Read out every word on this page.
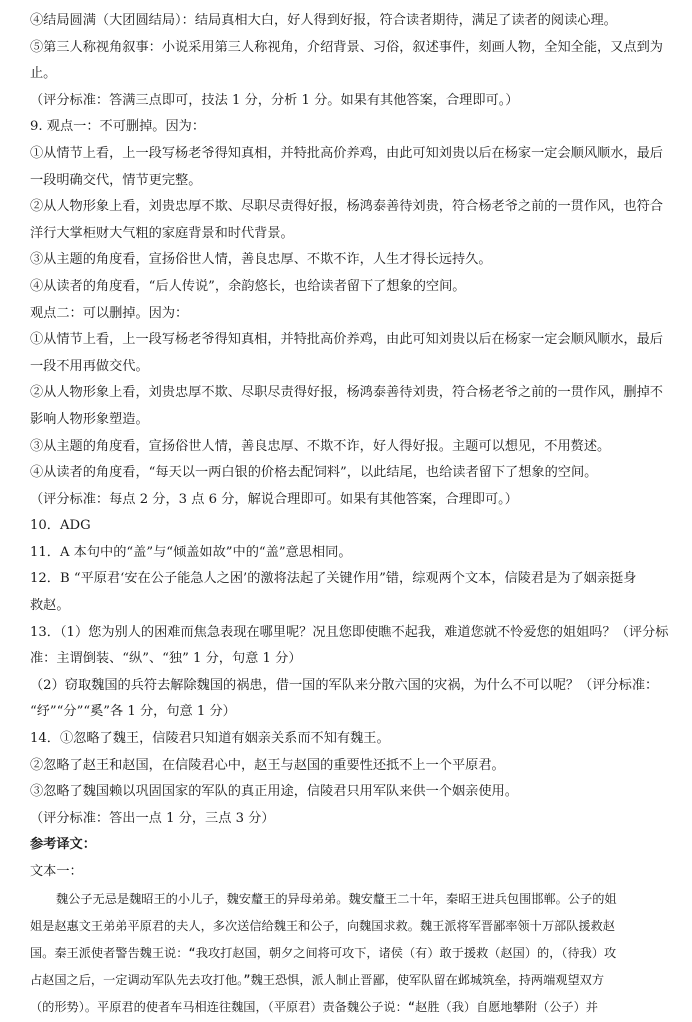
④结局圆满（大团圆结局）：结局真相大白，好人得到好报，符合读者期待，满足了读者的阅读心理。
⑤第三人称视角叙事：小说采用第三人称视角，介绍背景、习俗，叙述事件，刻画人物，全知全能，又点到为
止。
（评分标准：答满三点即可，技法 1 分，分析 1 分。如果有其他答案，合理即可。）
9. 观点一：不可删掉。因为：
①从情节上看，上一段写杨老爷得知真相，并特批高价养鸡，由此可知刘贵以后在杨家一定会顺风顺水，最后
一段明确交代，情节更完整。
②从人物形象上看，刘贵忠厚不欺、尽职尽责得好报，杨鸿泰善待刘贵，符合杨老爷之前的一贯作风，也符合
洋行大掌柜财大气粗的家庭背景和时代背景。
③从主题的角度看，宣扬俗世人情，善良忠厚、不欺不诈，人生才得长远持久。
④从读者的角度看，“后人传说”，余韵悠长，也给读者留下了想象的空间。
观点二：可以删掉。因为：
①从情节上看，上一段写杨老爷得知真相，并特批高价养鸡，由此可知刘贵以后在杨家一定会顺风顺水，最后
一段不用再做交代。
②从人物形象上看，刘贵忠厚不欺、尽职尽责得好报，杨鸿泰善待刘贵，符合杨老爷之前的一贯作风，删掉不
影响人物形象塑造。
③从主题的角度看，宣扬俗世人情，善良忠厚、不欺不诈，好人得好报。主题可以想见，不用赘述。
④从读者的角度看，“每天以一两白银的价格去配饲料”，以此结尾，也给读者留下了想象的空间。
（评分标准：每点 2 分，3 点 6 分，解说合理即可。如果有其他答案，合理即可。）
10．ADG
11．A 本句中的“盖”与“倾盖如故”中的“盖”意思相同。
12．B “平原君‘安在公子能急人之困’的激将法起了关键作用”错，综观两个文本，信陵君是为了姻亲挺身
救赵。
13．（1）您为别人的困难而焦急表现在哪里呢？况且您即使瞧不起我，难道您就不怜爱您的姐姐吗？（评分标
准：主谓倒装、“纵”、“独” 1 分，句意 1 分）
（2）窃取魏国的兵符去解除魏国的祸患，借一国的军队来分散六国的灾祸，为什么不可以呢？（评分标准：
“纾”“分”“奚”各 1 分，句意 1 分）
14．①忽略了魏王，信陵君只知道有姻亲关系而不知有魏王。
②忽略了赵王和赵国，在信陵君心中，赵王与赵国的重要性还抵不上一个平原君。
③忽略了魏国赖以巩固国家的军队的真正用途，信陵君只用军队来供一个姻亲使用。
（评分标准：答出一点 1 分，三点 3 分）
参考译文：
文本一：
魏公子无忌是魏昭王的小儿子，魏安釐王的异母弟弟。魏安釐王二十年，秦昭王进兵包围邯郸。公子的姐
姐是赵惠文王弟弟平原君的夫人，多次送信给魏王和公子，向魏国求救。魏王派将军晋鄙率领十万部队援救赵
国。秦王派使者警告魏王说：“我攻打赵国，朝夕之间将可攻下，诸侯（有）敢于援救（赵国）的，（待我）攻
占赵国之后，一定调动军队先去攻打他。”魏王恐惧，派人制止晋鄙，使军队留在邺城筑垒，持两端观望双方
（的形势）。平原君的使者车马相连往魏国，（平原君）责备魏公子说：“赵胜（我）自愿地攀附（公子）并
